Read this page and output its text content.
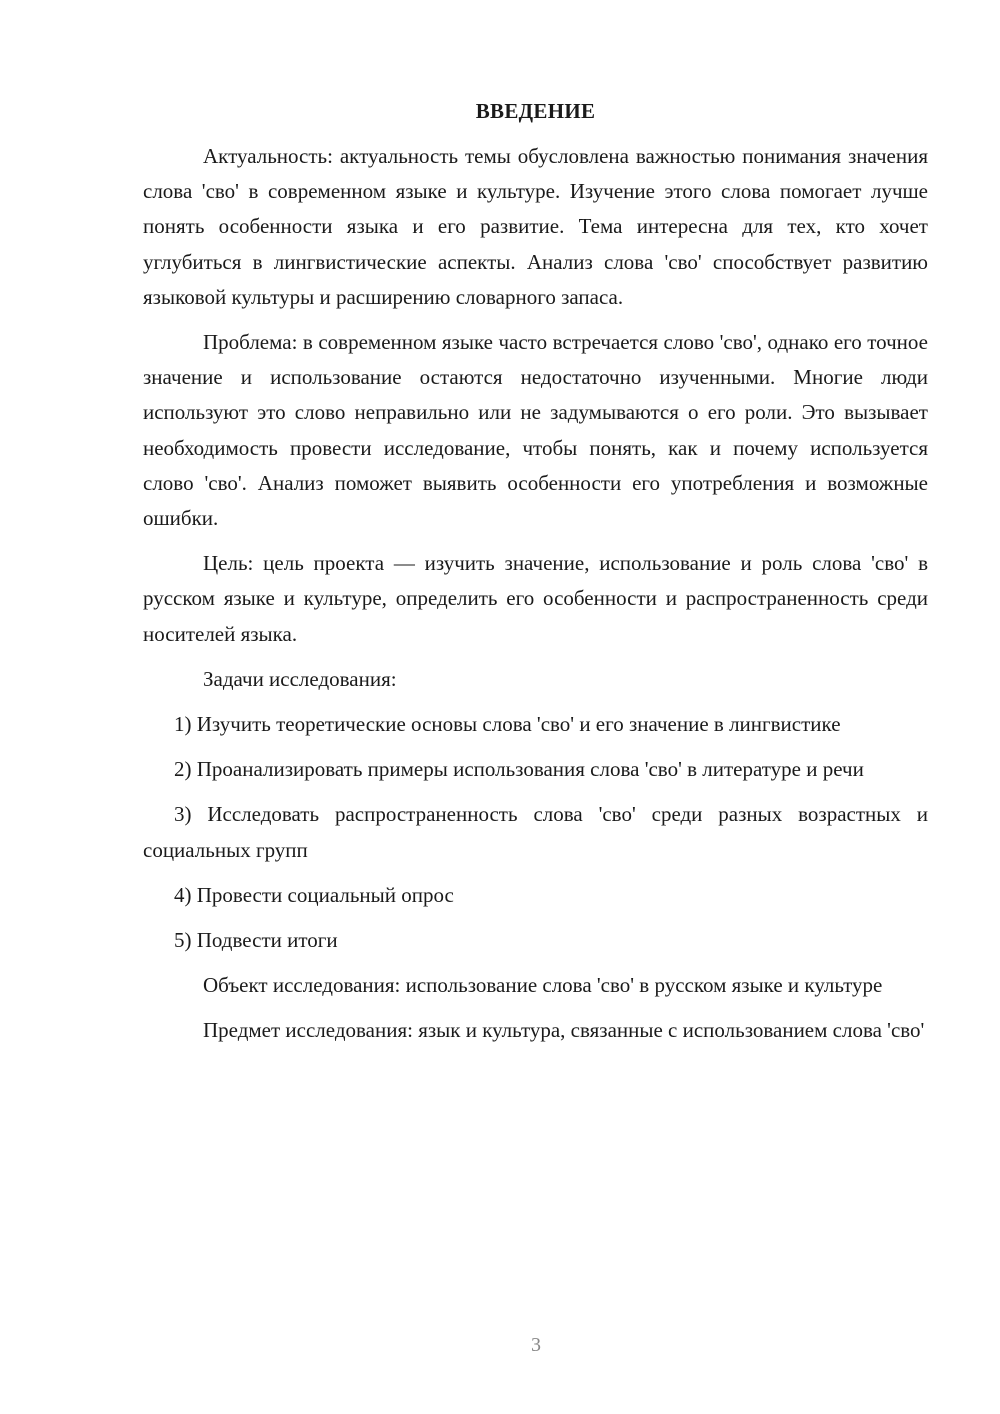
ВВЕДЕНИЕ

Актуальность: актуальность темы обусловлена важностью понимания значения слова 'сво' в современном языке и культуре. Изучение этого слова помогает лучше понять особенности языка и его развитие. Тема интересна для тех, кто хочет углубиться в лингвистические аспекты. Анализ слова 'сво' способствует развитию языковой культуры и расширению словарного запаса.

Проблема: в современном языке часто встречается слово 'сво', однако его точное значение и использование остаются недостаточно изученными. Многие люди используют это слово неправильно или не задумываются о его роли. Это вызывает необходимость провести исследование, чтобы понять, как и почему используется слово 'сво'. Анализ поможет выявить особенности его употребления и возможные ошибки.

Цель: цель проекта — изучить значение, использование и роль слова 'сво' в русском языке и культуре, определить его особенности и распространенность среди носителей языка.

Задачи исследования:

1) Изучить теоретические основы слова 'сво' и его значение в лингвистике

2) Проанализировать примеры использования слова 'сво' в литературе и речи

3) Исследовать распространенность слова 'сво' среди разных возрастных и социальных групп

4) Провести социальный опрос

5) Подвести итоги

Объект исследования: использование слова 'сво' в русском языке и культуре

Предмет исследования: язык и культура, связанные с использованием слова 'сво'

3
